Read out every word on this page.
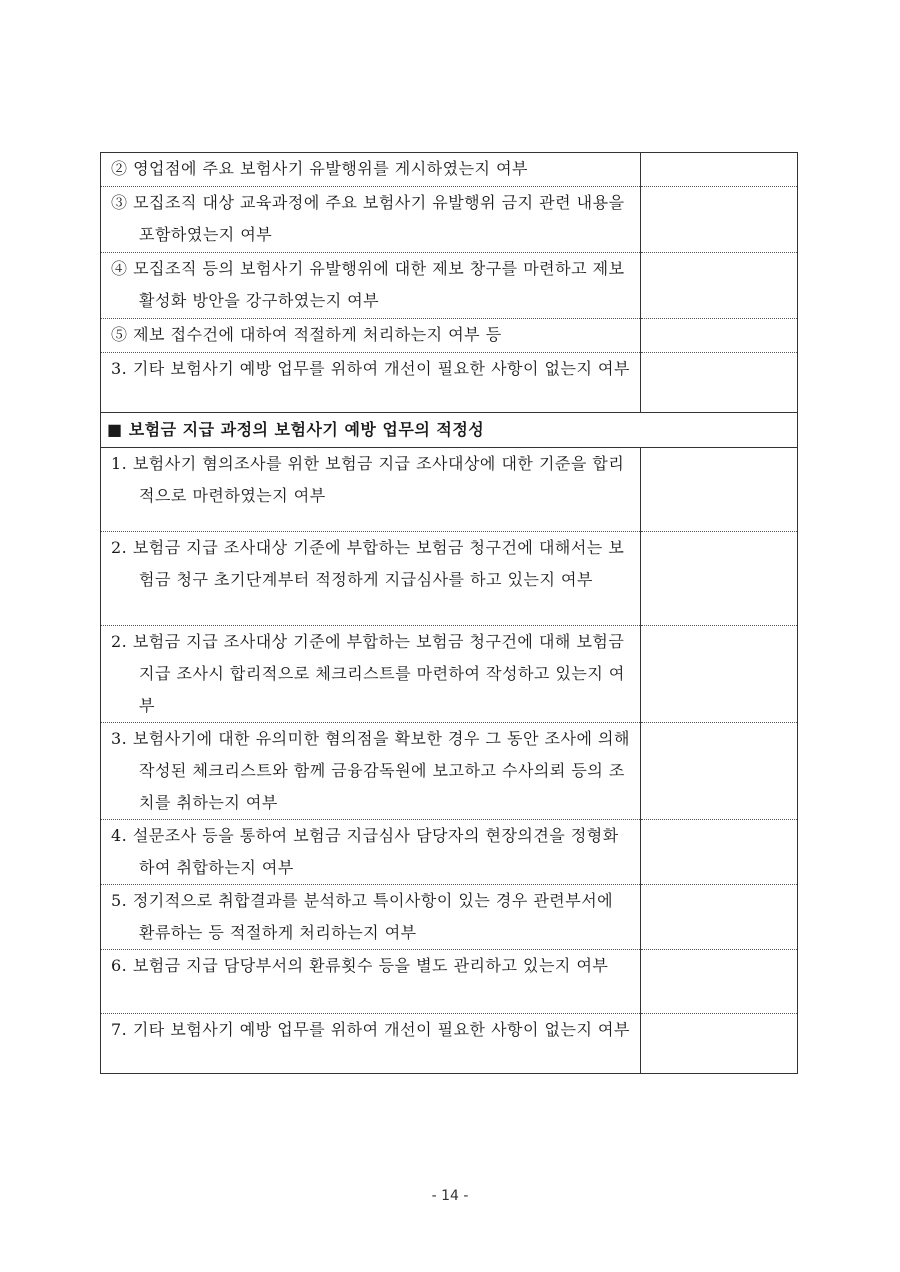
② 영업점에 주요 보험사기 유발행위를 게시하였는지 여부	

③ 모집조직 대상 교육과정에 주요 보험사기 유발행위 금지 관련 내용을 포함하였는지 여부	

④ 모집조직 등의 보험사기 유발행위에 대한 제보 창구를 마련하고 제보 활성화 방안을 강구하였는지 여부	

⑤ 제보 접수건에 대하여 적절하게 처리하는지 여부 등	

3. 기타 보험사기 예방 업무를 위하여 개선이 필요한 사항이 없는지 여부	

■ 보험금 지급 과정의 보험사기 예방 업무의 적정성	

1. 보험사기 혐의조사를 위한 보험금 지급 조사대상에 대한 기준을 합리적으로 마련하였는지 여부	

2. 보험금 지급 조사대상 기준에 부합하는 보험금 청구건에 대해서는 보험금 청구 초기단계부터 적정하게 지급심사를 하고 있는지 여부	

2. 보험금 지급 조사대상 기준에 부합하는 보험금 청구건에 대해 보험금 지급 조사시 합리적으로 체크리스트를 마련하여 작성하고 있는지 여부	

3. 보험사기에 대한 유의미한 혐의점을 확보한 경우 그 동안 조사에 의해 작성된 체크리스트와 함께 금융감독원에 보고하고 수사의뢰 등의 조치를 취하는지 여부	

4. 설문조사 등을 통하여 보험금 지급심사 담당자의 현장의견을 정형화하여 취합하는지 여부	

5. 정기적으로 취합결과를 분석하고 특이사항이 있는 경우 관련부서에 환류하는 등 적절하게 처리하는지 여부	

6. 보험금 지급 담당부서의 환류횟수 등을 별도 관리하고 있는지 여부	

7. 기타 보험사기 예방 업무를 위하여 개선이 필요한 사항이 없는지 여부	

- 14 -
